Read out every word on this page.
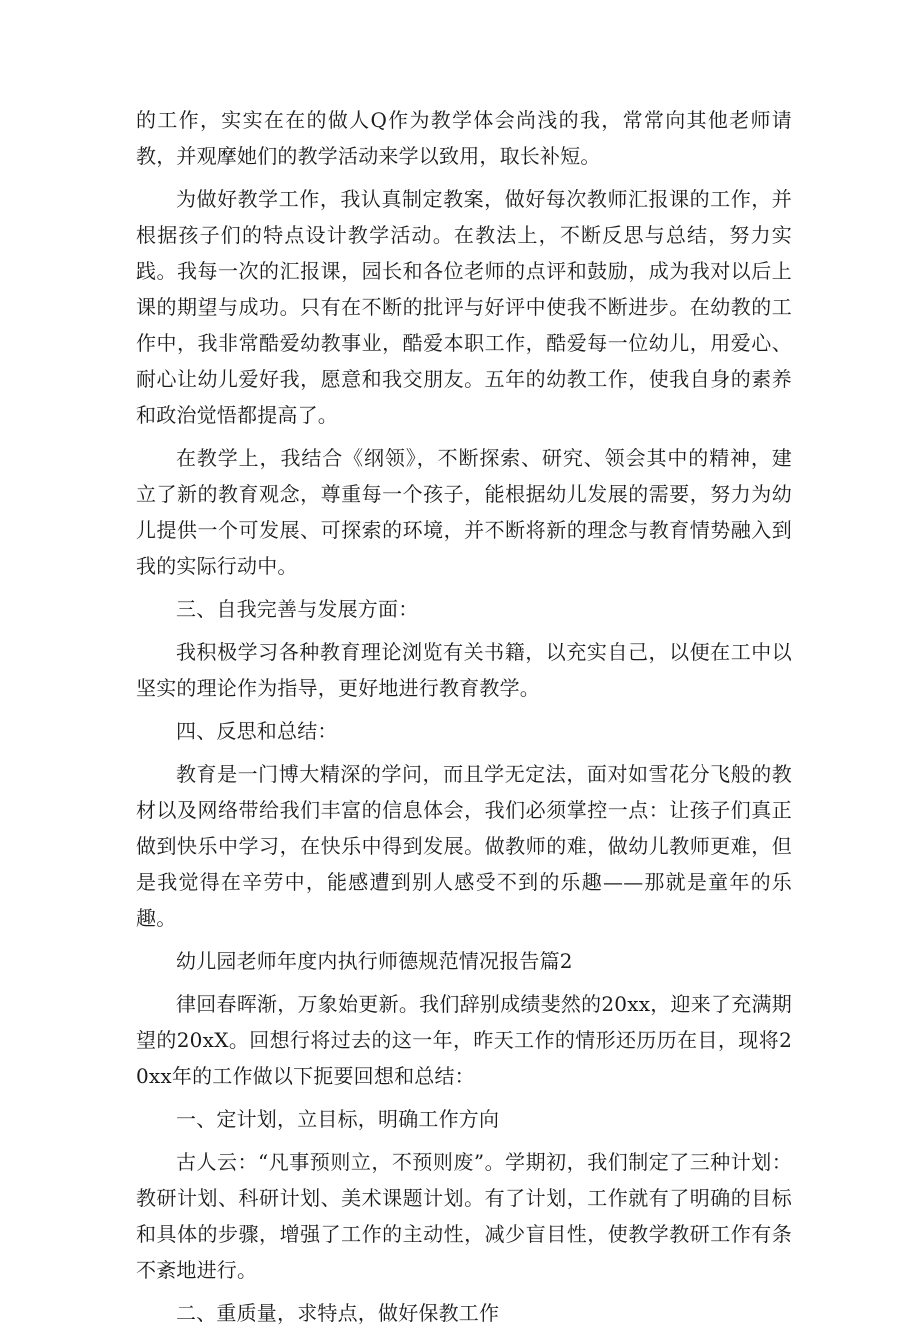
的工作，实实在在的做人Q作为教学体会尚浅的我，常常向其他老师请教，并观摩她们的教学活动来学以致用，取长补短。

为做好教学工作，我认真制定教案，做好每次教师汇报课的工作，并根据孩子们的特点设计教学活动。在教法上，不断反思与总结，努力实践。我每一次的汇报课，园长和各位老师的点评和鼓励，成为我对以后上课的期望与成功。只有在不断的批评与好评中使我不断进步。在幼教的工作中，我非常酷爱幼教事业，酷爱本职工作，酷爱每一位幼儿，用爱心、耐心让幼儿爱好我，愿意和我交朋友。五年的幼教工作，使我自身的素养和政治觉悟都提高了。

在教学上，我结合《纲领》，不断探索、研究、领会其中的精神，建立了新的教育观念，尊重每一个孩子，能根据幼儿发展的需要，努力为幼儿提供一个可发展、可探索的环境，并不断将新的理念与教育情势融入到我的实际行动中。

三、自我完善与发展方面：

我积极学习各种教育理论浏览有关书籍，以充实自己，以便在工中以坚实的理论作为指导，更好地进行教育教学。

四、反思和总结：

教育是一门博大精深的学问，而且学无定法，面对如雪花分飞般的教材以及网络带给我们丰富的信息体会，我们必须掌控一点：让孩子们真正做到快乐中学习，在快乐中得到发展。做教师的难，做幼儿教师更难，但是我觉得在辛劳中，能感遭到别人感受不到的乐趣——那就是童年的乐趣。

幼儿园老师年度内执行师德规范情况报告篇2

律回春晖渐，万象始更新。我们辞别成绩斐然的20xx，迎来了充满期望的20xⅩ。回想行将过去的这一年，昨天工作的情形还历历在目，现将20xx年的工作做以下扼要回想和总结：

一、定计划，立目标，明确工作方向

古人云：“凡事预则立，不预则废”。学期初，我们制定了三种计划：教研计划、科研计划、美术课题计划。有了计划，工作就有了明确的目标和具体的步骤，增强了工作的主动性，减少盲目性，使教学教研工作有条不紊地进行。

二、重质量，求特点，做好保教工作
